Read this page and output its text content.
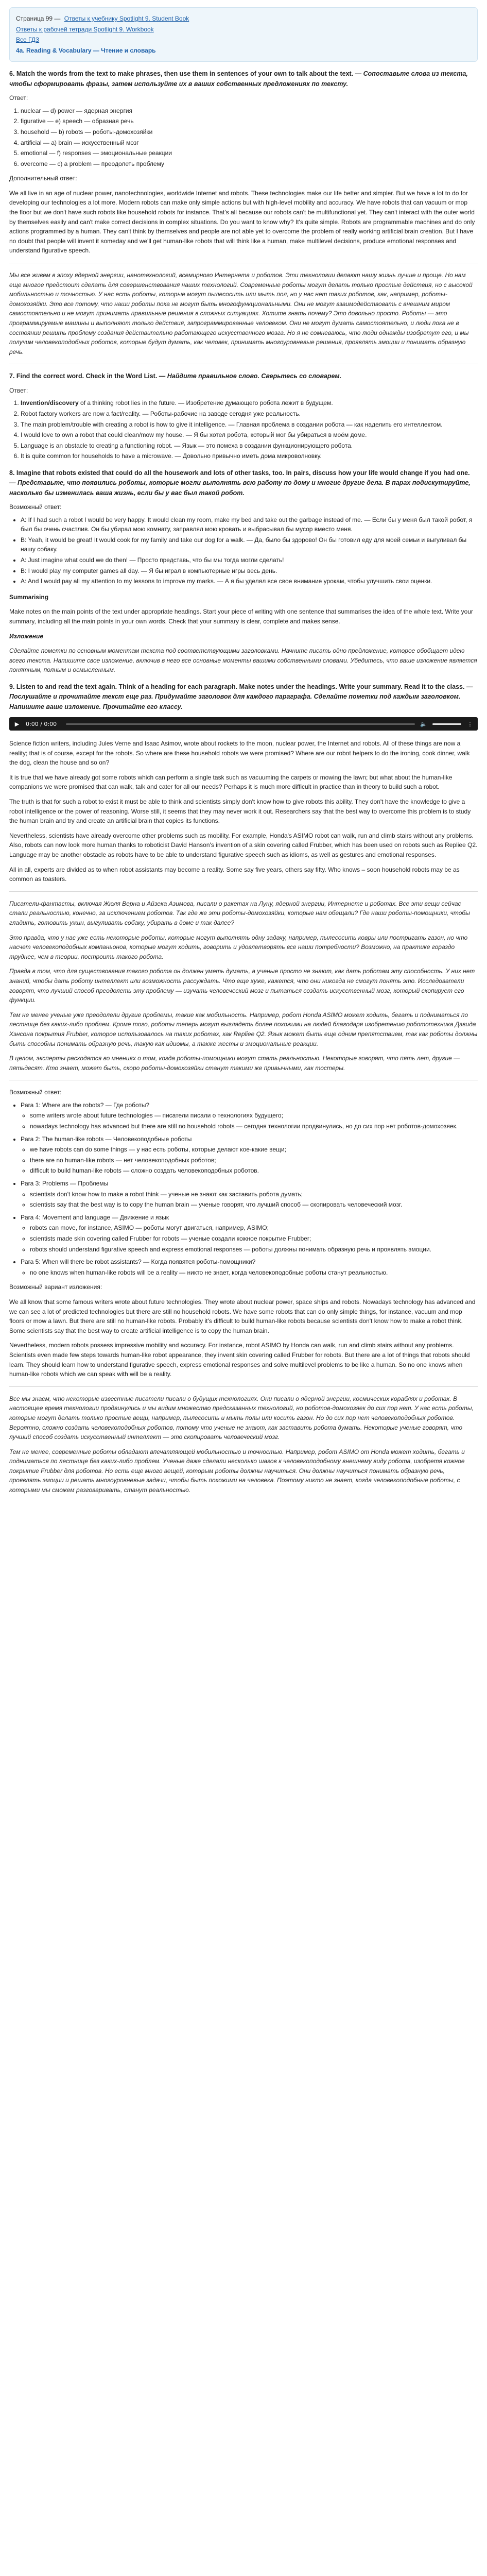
Страница 99 — Ответы к учебнику Spotlight 9. Student Book
Ответы к рабочей тетради Spotlight 9. Workbook
Все ГДЗ
4a. Reading & Vocabulary — Чтение и словарь
6. Match the words from the text to make phrases, then use them in sentences of your own to talk about the text. — Сопоставьте слова из текста, чтобы сформировать фразы, затем используйте их в ваших собственных предложениях по тексту.
Ответ:
1. nuclear — d) power — ядерная энергия
2. figurative — e) speech — образная речь
3. household — b) robots — роботы-домохозяйки
4. artificial — a) brain — искусственный мозг
5. emotional — f) responses — эмоциональные реакции
6. overcome — c) a problem — преодолеть проблему
Дополнительный ответ:
We all live in an age of nuclear power, nanotechnologies, worldwide Internet and robots. These technologies make our life better and simpler. But we have a lot to do for developing our technologies a lot more. Modern robots can make only simple actions but with high-level mobility and accuracy. We have robots that can vacuum or mop the floor but we don't have such robots like household robots for instance. That's all because our robots can't be multifunctional yet. They can't interact with the outer world by themselves easily and can't make correct decisions in complex situations. Do you want to know why? It's quite simple. Robots are programmable machines and do only actions programmed by a human. They can't think by themselves and people are not able yet to overcome the problem of really working artificial brain creation. But I have no doubt that people will invent it someday and we'll get human-like robots that will think like a human, make multilevel decisions, produce emotional responses and understand figurative speech.
Мы все живем в эпоху ядерной энергии, нанотехнологий, всемирного Интернета и роботов. Эти технологии делают нашу жизнь лучше и проще. Но нам еще многое предстоит сделать для совершенствования наших технологий. Современные роботы могут делать только простые действия, но с высокой мобильностью и точностью. У нас есть роботы, которые могут пылесосить или мыть пол, но у нас нет таких роботов, как, например, роботы-домохозяйки. Это все потому, что наши роботы пока не могут быть многофункциональными. Они не могут взаимодействовать с внешним миром самостоятельно и не могут принимать правильные решения в сложных ситуациях. Хотите знать почему? Это довольно просто. Роботы — это программируемые машины и выполняют только действия, запрограммированные человеком. Они не могут думать самостоятельно, и люди пока не в состоянии решить проблему создания действительно работающего искусственного мозга. Но я не сомневаюсь, что люди однажды изобретут его, и мы получим человекоподобных роботов, которые будут думать, как человек, принимать многоуровневые решения, проявлять эмоции и понимать образную речь.
7. Find the correct word. Check in the Word List. — Найдите правильное слово. Сверьтесь со словарем.
Ответ:
1. Invention/discovery of a thinking robot lies in the future. — Изобретение думающего робота лежит в будущем.
2. Robot factory workers are now a fact/reality. — Роботы-рабочие на заводе сегодня уже реальность.
3. The main problem/trouble with creating a robot is how to give it intelligence. — Главная проблема в создании робота — как наделить его интеллектом.
4. I would love to own a robot that could clean/mow my house. — Я бы хотел робота, который мог бы убираться в моём доме.
5. Language is an obstacle to creating a functioning robot. — Язык — это помеха в создании функционирующего робота.
6. It is quite common for households to have a microwave. — Довольно привычно иметь дома микроволновку.
8. Imagine that robots existed that could do all the housework and lots of other tasks, too. In pairs, discuss how your life would change if you had one. — Представьте, что появились роботы, которые могли выполнять всю работу по дому и многие другие дела. В парах подискутируйте, насколько бы изменилась ваша жизнь, если бы у вас был такой робот.
Возможный ответ:
• A: If I had such a robot I would be very happy. It would clean my room, make my bed and take out the garbage instead of me. — Если бы у меня был такой робот, я был бы очень счастлив. Он бы убирал мою комнату, заправлял мою кровать и выбрасывал бы мусор вместо меня.
• B: Yeah, it would be great! It would cook for my family and take our dog for a walk. — Да, было бы здорово! Он бы готовил еду для моей семьи и выгуливал бы нашу собаку.
• A: Just imagine what could we do then! — Просто представь, что бы мы тогда могли сделать!
• B: I would play my computer games all day. — Я бы играл в компьютерные игры весь день.
• A: And I would pay all my attention to my lessons to improve my marks. — А я бы уделял все свое внимание урокам, чтобы улучшить свои оценки.
Summarising
Make notes on the main points of the text under appropriate headings. Start your piece of writing with one sentence that summarises the idea of the whole text. Write your summary, including all the main points in your own words. Check that your summary is clear, complete and makes sense.
Изложение
Сделайте пометки по основным моментам текста под соответствующими заголовками. Начните писать одно предложение, которое обобщает идею всего текста. Напишите свое изложение, включив в него все основные моменты вашими собственными словами. Убедитесь, что ваше изложение является понятным, полным и осмысленным.
9. Listen to and read the text again. Think of a heading for each paragraph. Make notes under the headings. Write your summary. Read it to the class. — Послушайте и прочитайте текст еще раз. Придумайте заголовок для каждого параграфа. Сделайте пометки под каждым заголовком. Напишите ваше изложение. Прочитайте его классу.
▶ 0:00 / 0:00	🔈	⋮
Science fiction writers, including Jules Verne and Isaac Asimov, wrote about rockets to the moon, nuclear power, the Internet and robots. All of these things are now a reality; that is of course, except for the robots. So where are these household robots we were promised? Where are our robot helpers to do the ironing, cook dinner, walk the dog, clean the house and so on?
It is true that we have already got some robots which can perform a single task such as vacuuming the carpets or mowing the lawn; but what about the human-like companions we were promised that can walk, talk and cater for all our needs? Perhaps it is much more difficult in practice than in theory to build such a robot.
The truth is that for such a robot to exist it must be able to think and scientists simply don't know how to give robots this ability. They don't have the knowledge to give a robot intelligence or the power of reasoning. Worse still, it seems that they may never work it out. Researchers say that the best way to overcome this problem is to study the human brain and try and create an artificial brain that copies its functions.
Nevertheless, scientists have already overcome other problems such as mobility. For example, Honda's ASIMO robot can walk, run and climb stairs without any problems. Also, robots can now look more human thanks to roboticist David Hanson's invention of a skin covering called Frubber, which has been used on robots such as Repliee Q2. Language may be another obstacle as robots have to be able to understand figurative speech such as idioms, as well as gestures and emotional responses.
All in all, experts are divided as to when robot assistants may become a reality. Some say five years, others say fifty. Who knows – soon household robots may be as common as toasters.
Писатели-фантасты, включая Жюля Верна и Айзека Азимова, писали о ракетах на Луну, ядерной энергии, Интернете и роботах. Все эти вещи сейчас стали реальностью, конечно, за исключением роботов. Так где же эти роботы-домохозяйки, которые нам обещали? Где наши роботы-помощники, чтобы гладить, готовить ужин, выгуливать собаку, убирать в доме и так далее?
Это правда, что у нас уже есть некоторые роботы, которые могут выполнять одну задачу, например, пылесосить ковры или постригать газон, но что насчет человекоподобных компаньонов, которые могут ходить, говорить и удовлетворять все наши потребности? Возможно, на практике гораздо труднее, чем в теории, построить такого робота.
Правда в том, что для существования такого робота он должен уметь думать, а ученые просто не знают, как дать роботам эту способность. У них нет знаний, чтобы дать роботу интеллект или возможность рассуждать. Что еще хуже, кажется, что они никогда не смогут понять это. Исследователи говорят, что лучший способ преодолеть эту проблему — изучать человеческий мозг и пытаться создать искусственный мозг, который скопирует его функции.
Тем не менее ученые уже преодолели другие проблемы, такие как мобильность. Например, робот Honda ASIMO может ходить, бегать и подниматься по лестнице без каких-либо проблем. Кроме того, роботы теперь могут выглядеть более похожими на людей благодаря изобретению робототехника Дэвида Хэнсона покрытия Frubber, которое использовалось на таких роботах, как Repliee Q2. Язык может быть еще одним препятствием, так как роботы должны быть способны понимать образную речь, такую как идиомы, а также жесты и эмоциональные реакции.
В целом, эксперты расходятся во мнениях о том, когда роботы-помощники могут стать реальностью. Некоторые говорят, что пять лет, другие — пятьдесят. Кто знает, может быть, скоро роботы-домохозяйки станут такими же привычными, как тостеры.
Возможный ответ:
• Para 1: Where are the robots? — Где роботы?
◦ some writers wrote about future technologies — писатели писали о технологиях будущего;
◦ nowadays technology has advanced but there are still no household robots — сегодня технологии продвинулись, но до сих пор нет роботов-домохозяек.
• Para 2: The human-like robots — Человекоподобные роботы
◦ we have robots can do some things — у нас есть роботы, которые делают кое-какие вещи;
◦ there are no human-like robots — нет человекоподобных роботов;
◦ difficult to build human-like robots — сложно создать человекоподобных роботов.
• Para 3: Problems — Проблемы
◦ scientists don't know how to make a robot think — ученые не знают как заставить робота думать;
◦ scientists say that the best way is to copy the human brain — ученые говорят, что лучший способ — скопировать человеческий мозг.
• Para 4: Movement and language — Движение и язык
◦ robots can move, for instance, ASIMO — роботы могут двигаться, например, ASIMO;
◦ scientists made skin covering called Frubber for robots — ученые создали кожное покрытие Frubber;
◦ robots should understand figurative speech and express emotional responses — роботы должны понимать образную речь и проявлять эмоции.
• Para 5: When will there be robot assistants? — Когда появятся роботы-помощники?
◦ no one knows when human-like robots will be a reality — никто не знает, когда человекоподобные роботы станут реальностью.
Возможный вариант изложения:
We all know that some famous writers wrote about future technologies. They wrote about nuclear power, space ships and robots. Nowadays technology has advanced and we can see a lot of predicted technologies but there are still no household robots. We have some robots that can do only simple things, for instance, vacuum and mop floors or mow a lawn. But there are still no human-like robots. Probably it's difficult to build human-like robots because scientists don't know how to make a robot think. Some scientists say that the best way to create artificial intelligence is to copy the human brain.
Nevertheless, modern robots possess impressive mobility and accuracy. For instance, robot ASIMO by Honda can walk, run and climb stairs without any problems. Scientists even made few steps towards human-like robot appearance, they invent skin covering called Frubber for robots. But there are a lot of things that robots should learn. They should learn how to understand figurative speech, express emotional responses and solve multilevel problems to be like a human. So no one knows when human-like robots which we can speak with will be a reality.
Все мы знаем, что некоторые известные писатели писали о будущих технологиях. Они писали о ядерной энергии, космических кораблях и роботах. В настоящее время технологии продвинулись и мы видим множество предсказанных технологий, но роботов-домохозяек до сих пор нет. У нас есть роботы, которые могут делать только простые вещи, например, пылесосить и мыть полы или косить газон. Но до сих пор нет человекоподобных роботов. Вероятно, сложно создать человекоподобных роботов, потому что ученые не знают, как заставить робота думать. Некоторые ученые говорят, что лучший способ создать искусственный интеллект — это скопировать человеческий мозг.
Тем не менее, современные роботы обладают впечатляющей мобильностью и точностью. Например, робот ASIMO от Honda может ходить, бегать и подниматься по лестнице без каких-либо проблем. Ученые даже сделали несколько шагов к человекоподобному внешнему виду робота, изобретя кожное покрытие Frubber для роботов. Но есть еще много вещей, которым роботы должны научиться. Они должны научиться понимать образную речь, проявлять эмоции и решать многоуровневые задачи, чтобы быть похожими на человека. Поэтому никто не знает, когда человекоподобные роботы, с которыми мы сможем разговаривать, станут реальностью.
